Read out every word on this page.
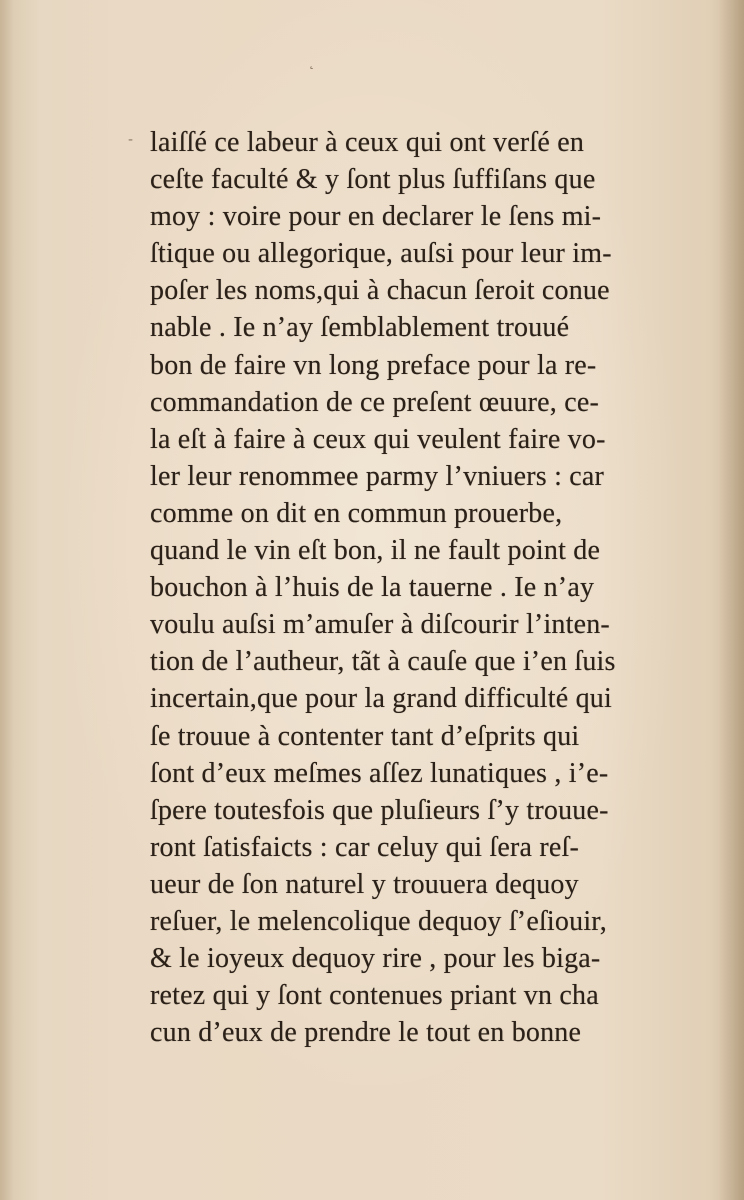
˛
- laiſſé ce labeur à ceux qui ont verſé en
ceſte faculté & y ſont plus ſuffiſans que
moy : voire pour en declarer le ſens mi-
ſtique ou allegorique, auſsi pour leur im-
poſer les noms,qui à chacun ſeroit conue
nable . Ie n’ay ſemblablement trouué
bon de faire vn long preface pour la re-
commandation de ce preſent œuure, ce-
la eſt à faire à ceux qui veulent faire vo-
ler leur renommee parmy l’vniuers : car
comme on dit en commun prouerbe,
quand le vin eſt bon, il ne fault point de
bouchon à l’huis de la tauerne . Ie n’ay
voulu auſsi m’amuſer à diſcourir l’inten-
tion de l’autheur, tãt à cauſe que i’en ſuis
incertain,que pour la grand difficulté qui
ſe trouue à contenter tant d’eſprits qui
ſont d’eux meſmes aſſez lunatiques , i’e-
ſpere toutesfois que pluſieurs ſ’y trouue-
ront ſatisfaicts : car celuy qui ſera reſ-
ueur de ſon naturel y trouuera dequoy
reſuer, le melencolique dequoy ſ’eſiouir,
& le ioyeux dequoy rire , pour les biga-
retez qui y ſont contenues priant vn cha
cun d’eux de prendre le tout en bonne
